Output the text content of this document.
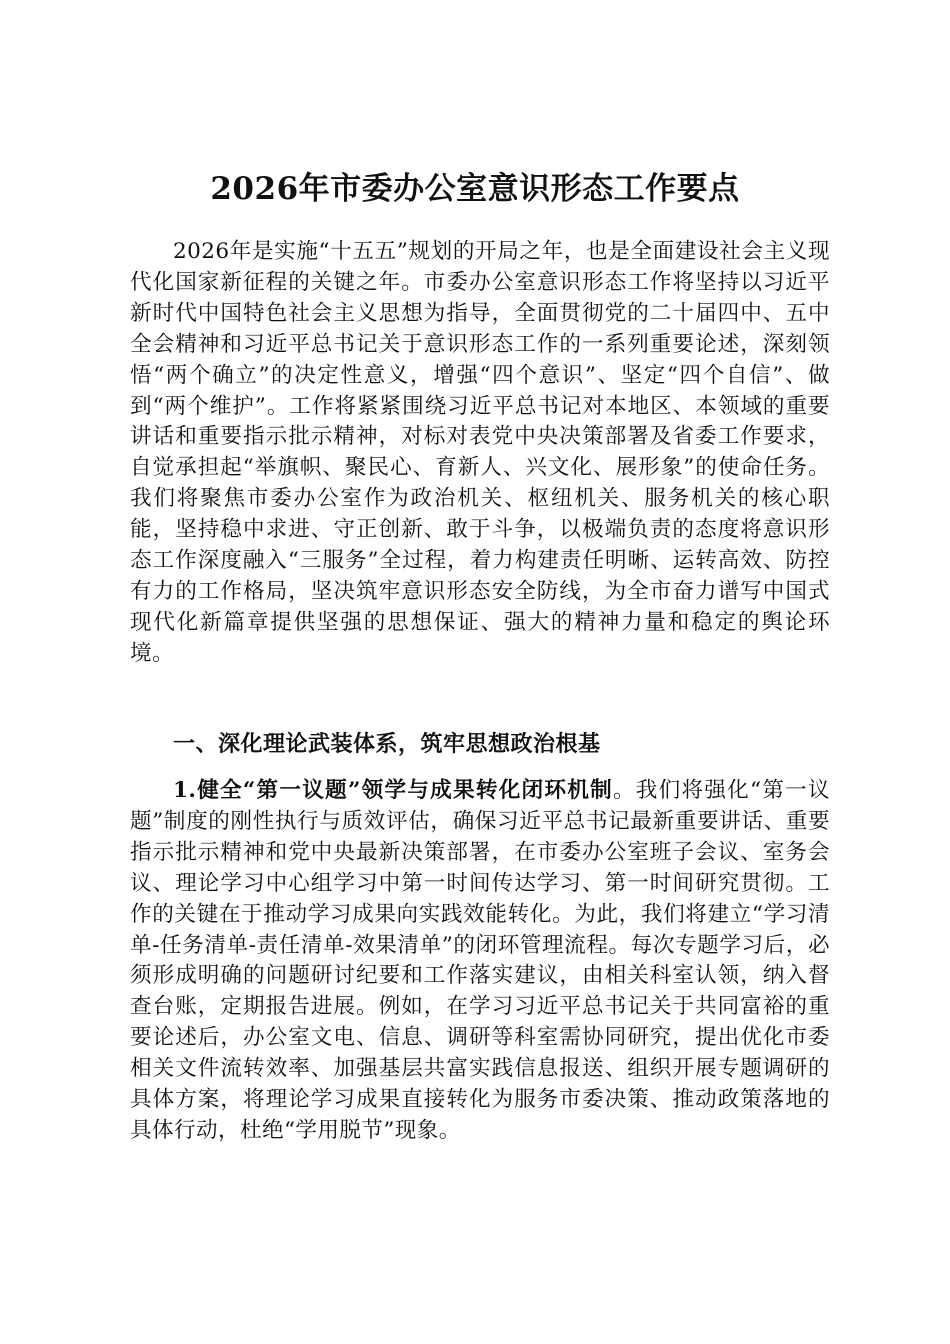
2026年市委办公室意识形态工作要点

2026年是实施“十五五”规划的开局之年，也是全面建设社会主义现代化国家新征程的关键之年。市委办公室意识形态工作将坚持以习近平新时代中国特色社会主义思想为指导，全面贯彻党的二十届四中、五中全会精神和习近平总书记关于意识形态工作的一系列重要论述，深刻领悟“两个确立”的决定性意义，增强“四个意识”、坚定“四个自信”、做到“两个维护”。工作将紧紧围绕习近平总书记对本地区、本领域的重要讲话和重要指示批示精神，对标对表党中央决策部署及省委工作要求，自觉承担起“举旗帜、聚民心、育新人、兴文化、展形象”的使命任务。我们将聚焦市委办公室作为政治机关、枢纽机关、服务机关的核心职能，坚持稳中求进、守正创新、敢于斗争，以极端负责的态度将意识形态工作深度融入“三服务”全过程，着力构建责任明晰、运转高效、防控有力的工作格局，坚决筑牢意识形态安全防线，为全市奋力谱写中国式现代化新篇章提供坚强的思想保证、强大的精神力量和稳定的舆论环境。

一、深化理论武装体系，筑牢思想政治根基

1.健全“第一议题”领学与成果转化闭环机制。我们将强化“第一议题”制度的刚性执行与质效评估，确保习近平总书记最新重要讲话、重要指示批示精神和党中央最新决策部署，在市委办公室班子会议、室务会议、理论学习中心组学习中第一时间传达学习、第一时间研究贯彻。工作的关键在于推动学习成果向实践效能转化。为此，我们将建立“学习清单-任务清单-责任清单-效果清单”的闭环管理流程。每次专题学习后，必须形成明确的问题研讨纪要和工作落实建议，由相关科室认领，纳入督查台账，定期报告进展。例如，在学习习近平总书记关于共同富裕的重要论述后，办公室文电、信息、调研等科室需协同研究，提出优化市委相关文件流转效率、加强基层共富实践信息报送、组织开展专题调研的具体方案，将理论学习成果直接转化为服务市委决策、推动政策落地的具体行动，杜绝“学用脱节”现象。
